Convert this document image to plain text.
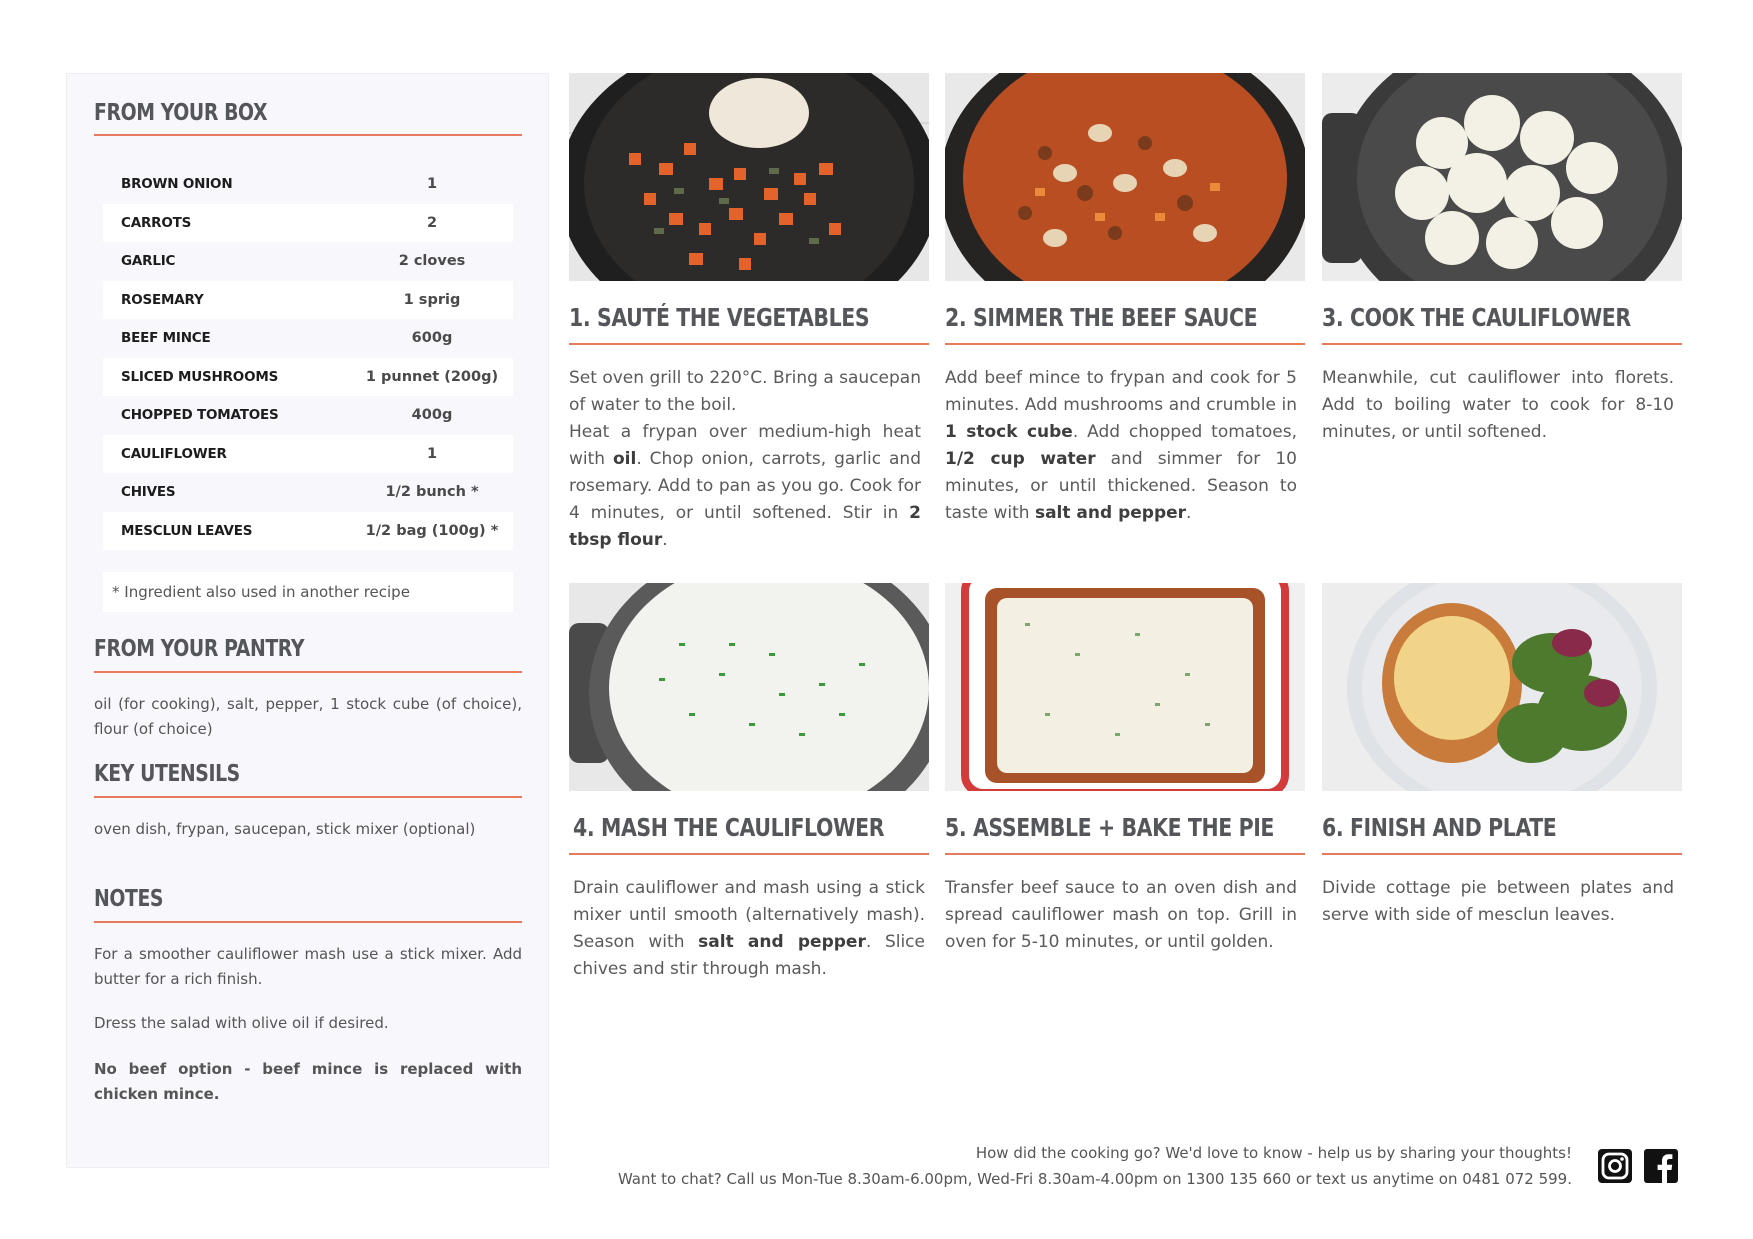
FROM YOUR BOX
BROWN ONION	1
CARROTS	2
GARLIC	2 cloves
ROSEMARY	1 sprig
BEEF MINCE	600g
SLICED MUSHROOMS	1 punnet (200g)
CHOPPED TOMATOES	400g
CAULIFLOWER	1
CHIVES	1/2 bunch *
MESCLUN LEAVES	1/2 bag (100g) *
* Ingredient also used in another recipe
FROM YOUR PANTRY
oil (for cooking), salt, pepper, 1 stock cube (of choice), flour (of choice)
KEY UTENSILS
oven dish, frypan, saucepan, stick mixer (optional)
NOTES
For a smoother cauliflower mash use a stick mixer. Add butter for a rich finish.
Dress the salad with olive oil if desired.
No beef option - beef mince is replaced with chicken mince.
1. SAUTÉ THE VEGETABLES
Set oven grill to 220°C. Bring a saucepan of water to the boil.
Heat a frypan over medium-high heat with oil. Chop onion, carrots, garlic and rosemary. Add to pan as you go. Cook for 4 minutes, or until softened. Stir in 2 tbsp flour.
2. SIMMER THE BEEF SAUCE
Add beef mince to frypan and cook for 5 minutes. Add mushrooms and crumble in 1 stock cube. Add chopped tomatoes, 1/2 cup water and simmer for 10 minutes, or until thickened. Season to taste with salt and pepper.
3. COOK THE CAULIFLOWER
Meanwhile, cut cauliflower into florets. Add to boiling water to cook for 8-10 minutes, or until softened.
4. MASH THE CAULIFLOWER
Drain cauliflower and mash using a stick mixer until smooth (alternatively mash). Season with salt and pepper. Slice chives and stir through mash.
5. ASSEMBLE + BAKE THE PIE
Transfer beef sauce to an oven dish and spread cauliflower mash on top. Grill in oven for 5-10 minutes, or until golden.
6. FINISH AND PLATE
Divide cottage pie between plates and serve with side of mesclun leaves.
How did the cooking go? We'd love to know - help us by sharing your thoughts!
Want to chat? Call us Mon-Tue 8.30am-6.00pm, Wed-Fri 8.30am-4.00pm on 1300 135 660 or text us anytime on 0481 072 599.
